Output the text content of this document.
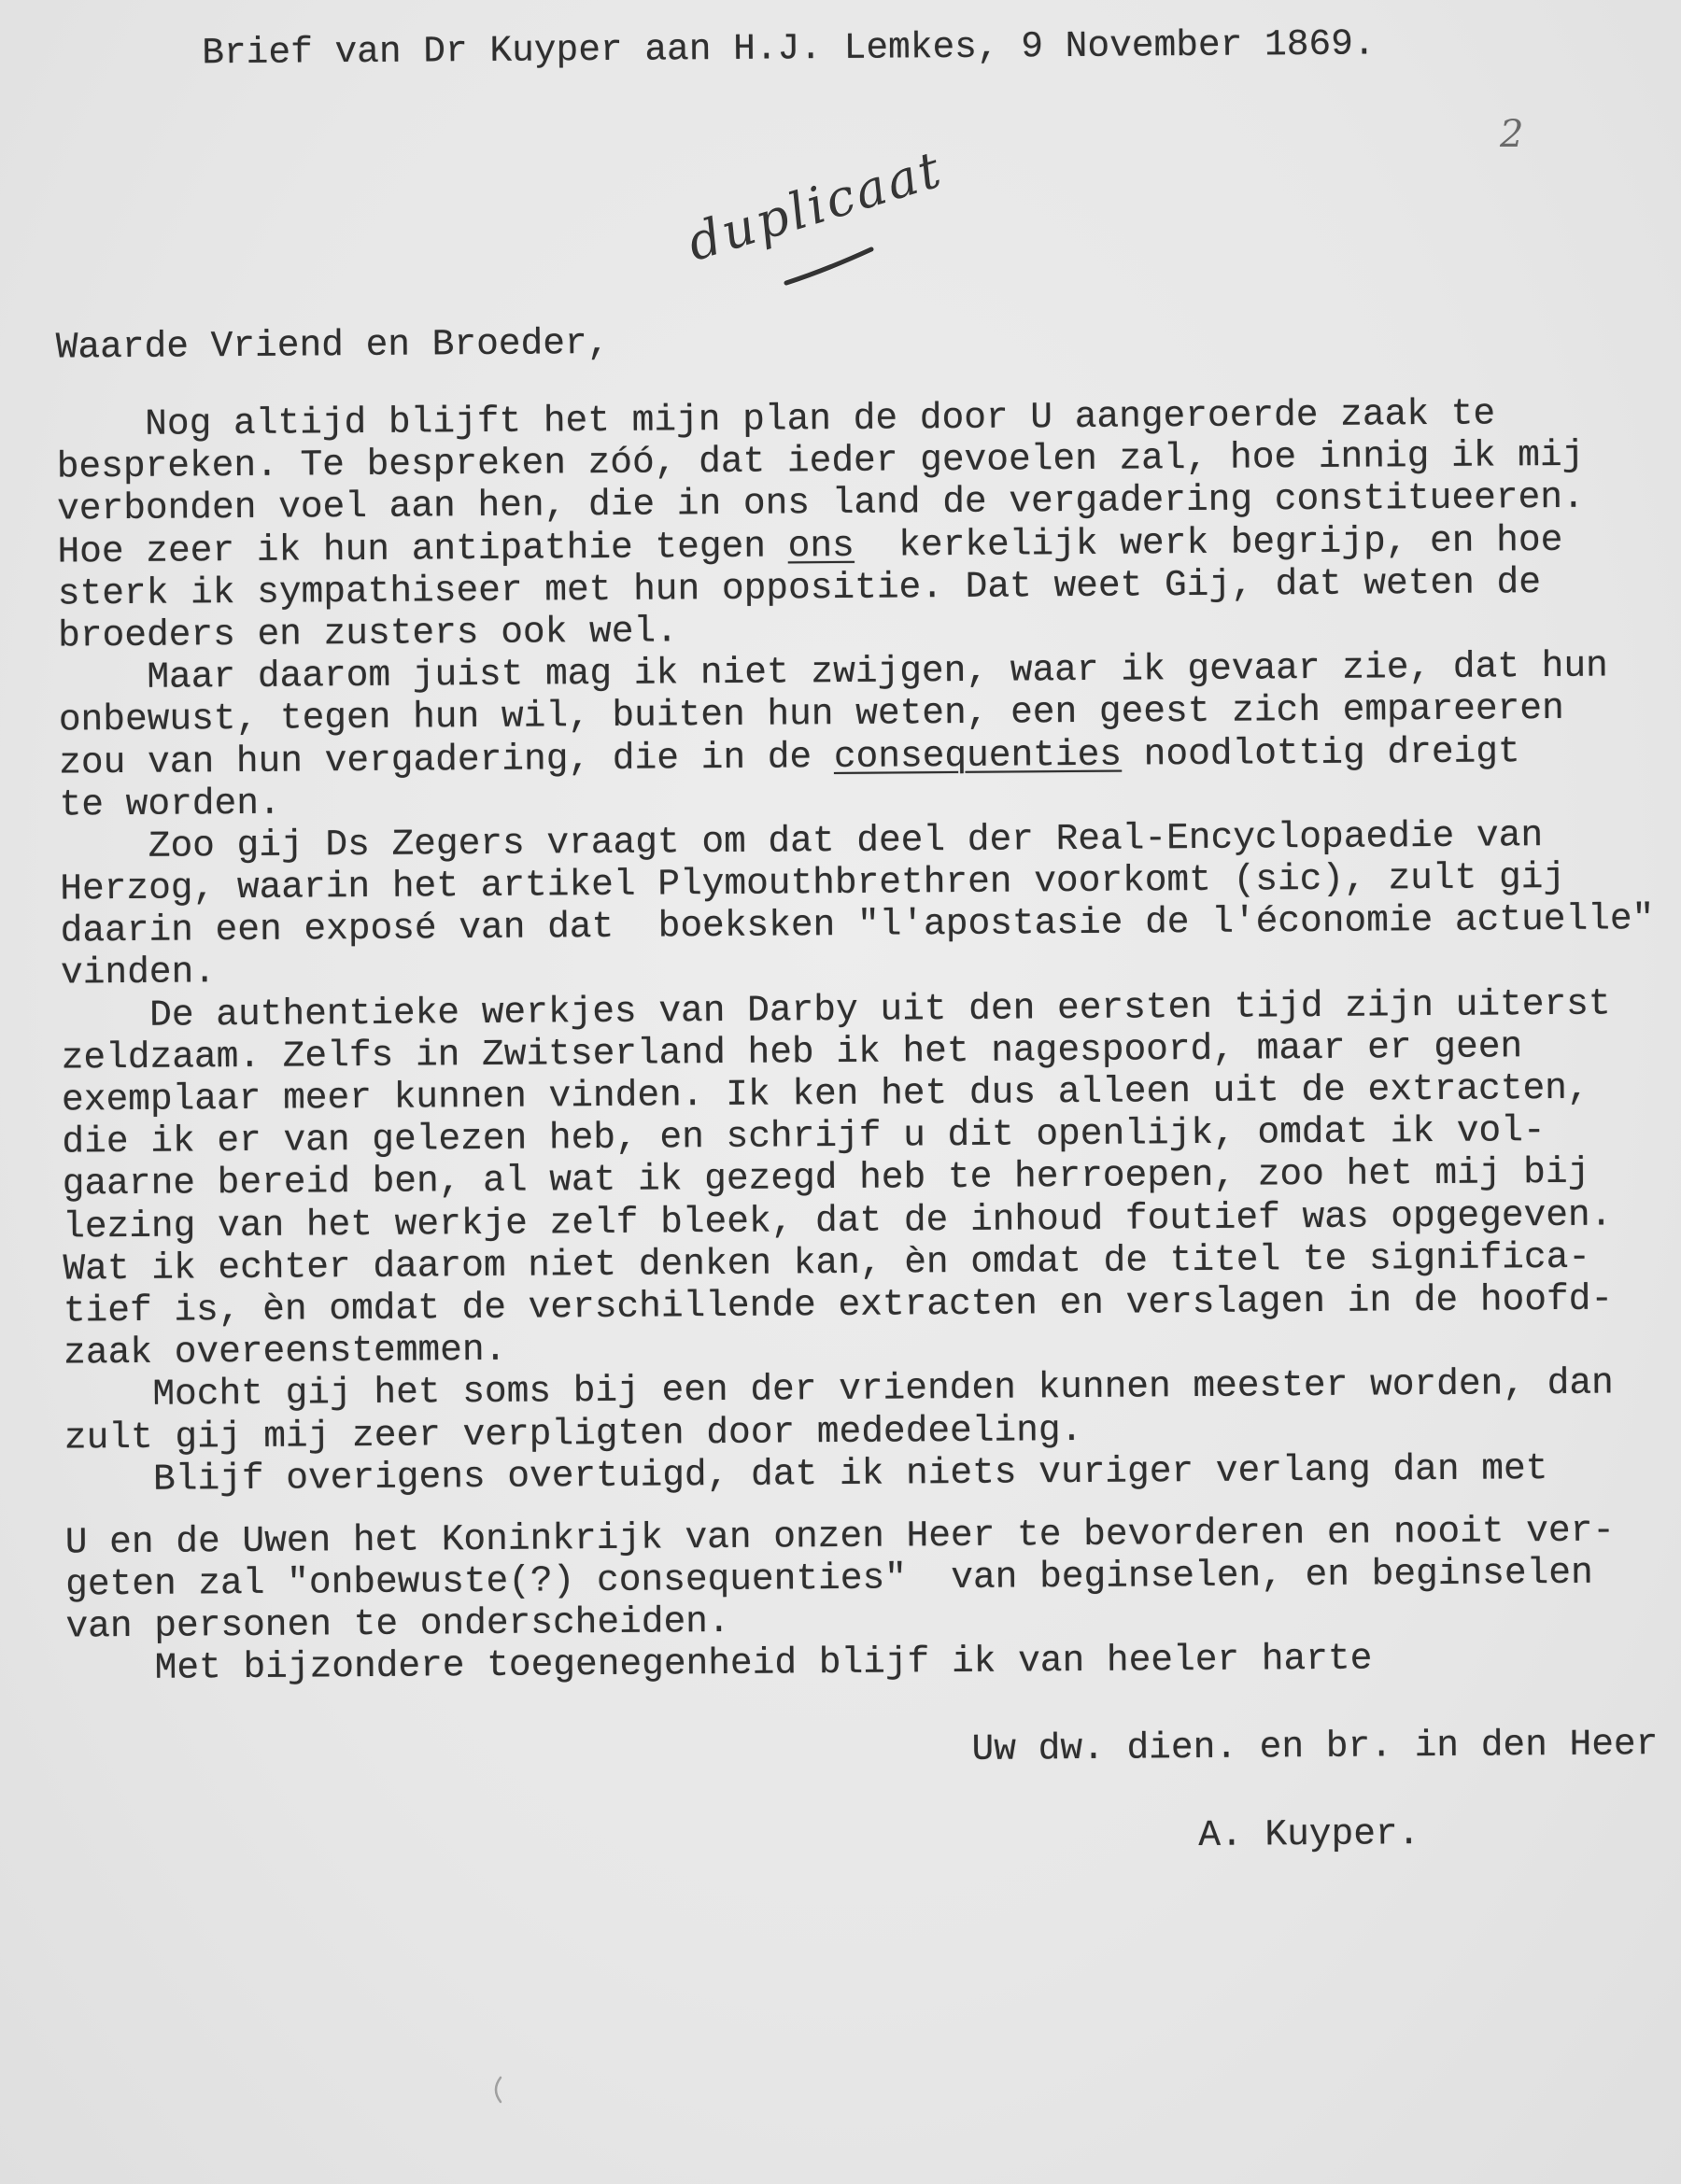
Brief van Dr Kuyper aan H.J. Lemkes, 9 November 1869.
Waarde Vriend en Broeder,
Nog altijd blijft het mijn plan de door U aangeroerde zaak te
bespreken. Te bespreken zóó, dat ieder gevoelen zal, hoe innig ik mij
verbonden voel aan hen, die in ons land de vergadering constitueeren.
Hoe zeer ik hun antipathie tegen ons  kerkelijk werk begrijp, en hoe
sterk ik sympathiseer met hun oppositie. Dat weet Gij, dat weten de
broeders en zusters ook wel.
Maar daarom juist mag ik niet zwijgen, waar ik gevaar zie, dat hun
onbewust, tegen hun wil, buiten hun weten, een geest zich empareeren
zou van hun vergadering, die in de consequenties noodlottig dreigt
te worden.
Zoo gij Ds Zegers vraagt om dat deel der Real-Encyclopaedie van
Herzog, waarin het artikel Plymouthbrethren voorkomt (sic), zult gij
daarin een exposé van dat  boeksken "l'apostasie de l'économie actuelle"
vinden.
De authentieke werkjes van Darby uit den eersten tijd zijn uiterst
zeldzaam. Zelfs in Zwitserland heb ik het nagespoord, maar er geen
exemplaar meer kunnen vinden. Ik ken het dus alleen uit de extracten,
die ik er van gelezen heb, en schrijf u dit openlijk, omdat ik vol-
gaarne bereid ben, al wat ik gezegd heb te herroepen, zoo het mij bij
lezing van het werkje zelf bleek, dat de inhoud foutief was opgegeven.
Wat ik echter daarom niet denken kan, èn omdat de titel te significa-
tief is, èn omdat de verschillende extracten en verslagen in de hoofd-
zaak overeenstemmen.
Mocht gij het soms bij een der vrienden kunnen meester worden, dan
zult gij mij zeer verpligten door mededeeling.
Blijf overigens overtuigd, dat ik niets vuriger verlang dan met
U en de Uwen het Koninkrijk van onzen Heer te bevorderen en nooit ver-
geten zal "onbewuste(?) consequenties"  van beginselen, en beginselen
van personen te onderscheiden.
Met bijzondere toegenegenheid blijf ik van heeler harte
Uw dw. dien. en br. in den Heer
A. Kuyper.
duplicaat
2
